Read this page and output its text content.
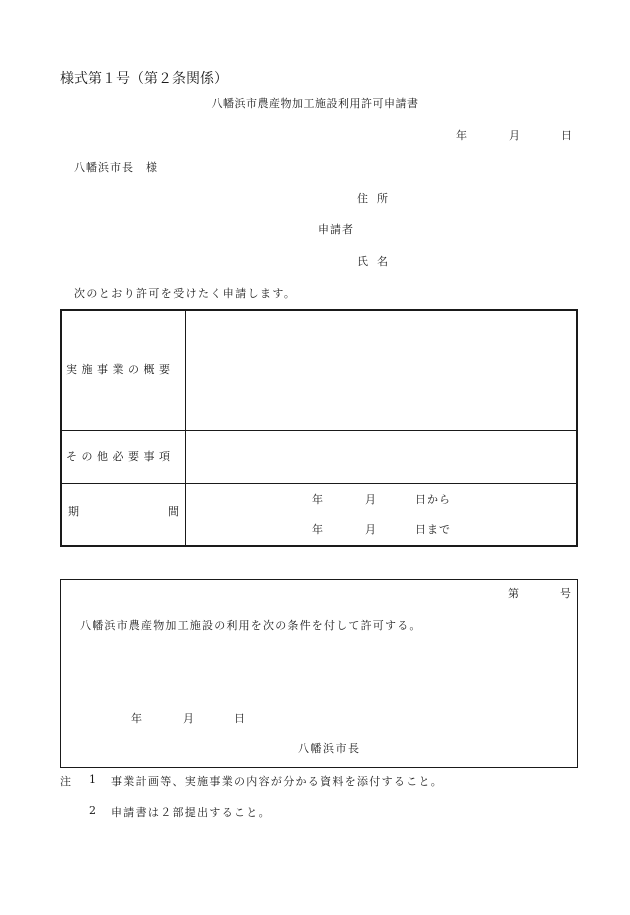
様式第１号（第２条関係）
八幡浜市農産物加工施設利用許可申請書
年	月	日
八幡浜市長　様
住所
申請者
氏名
次のとおり許可を受けたく申請します。
実施事業の概要
その他必要事項
期	間
年	月	日から
年	月	日まで
第	号
八幡浜市農産物加工施設の利用を次の条件を付して許可する。
年	月	日
八幡浜市長
注 1 事業計画等、実施事業の内容が分かる資料を添付すること。
2 申請書は２部提出すること。
